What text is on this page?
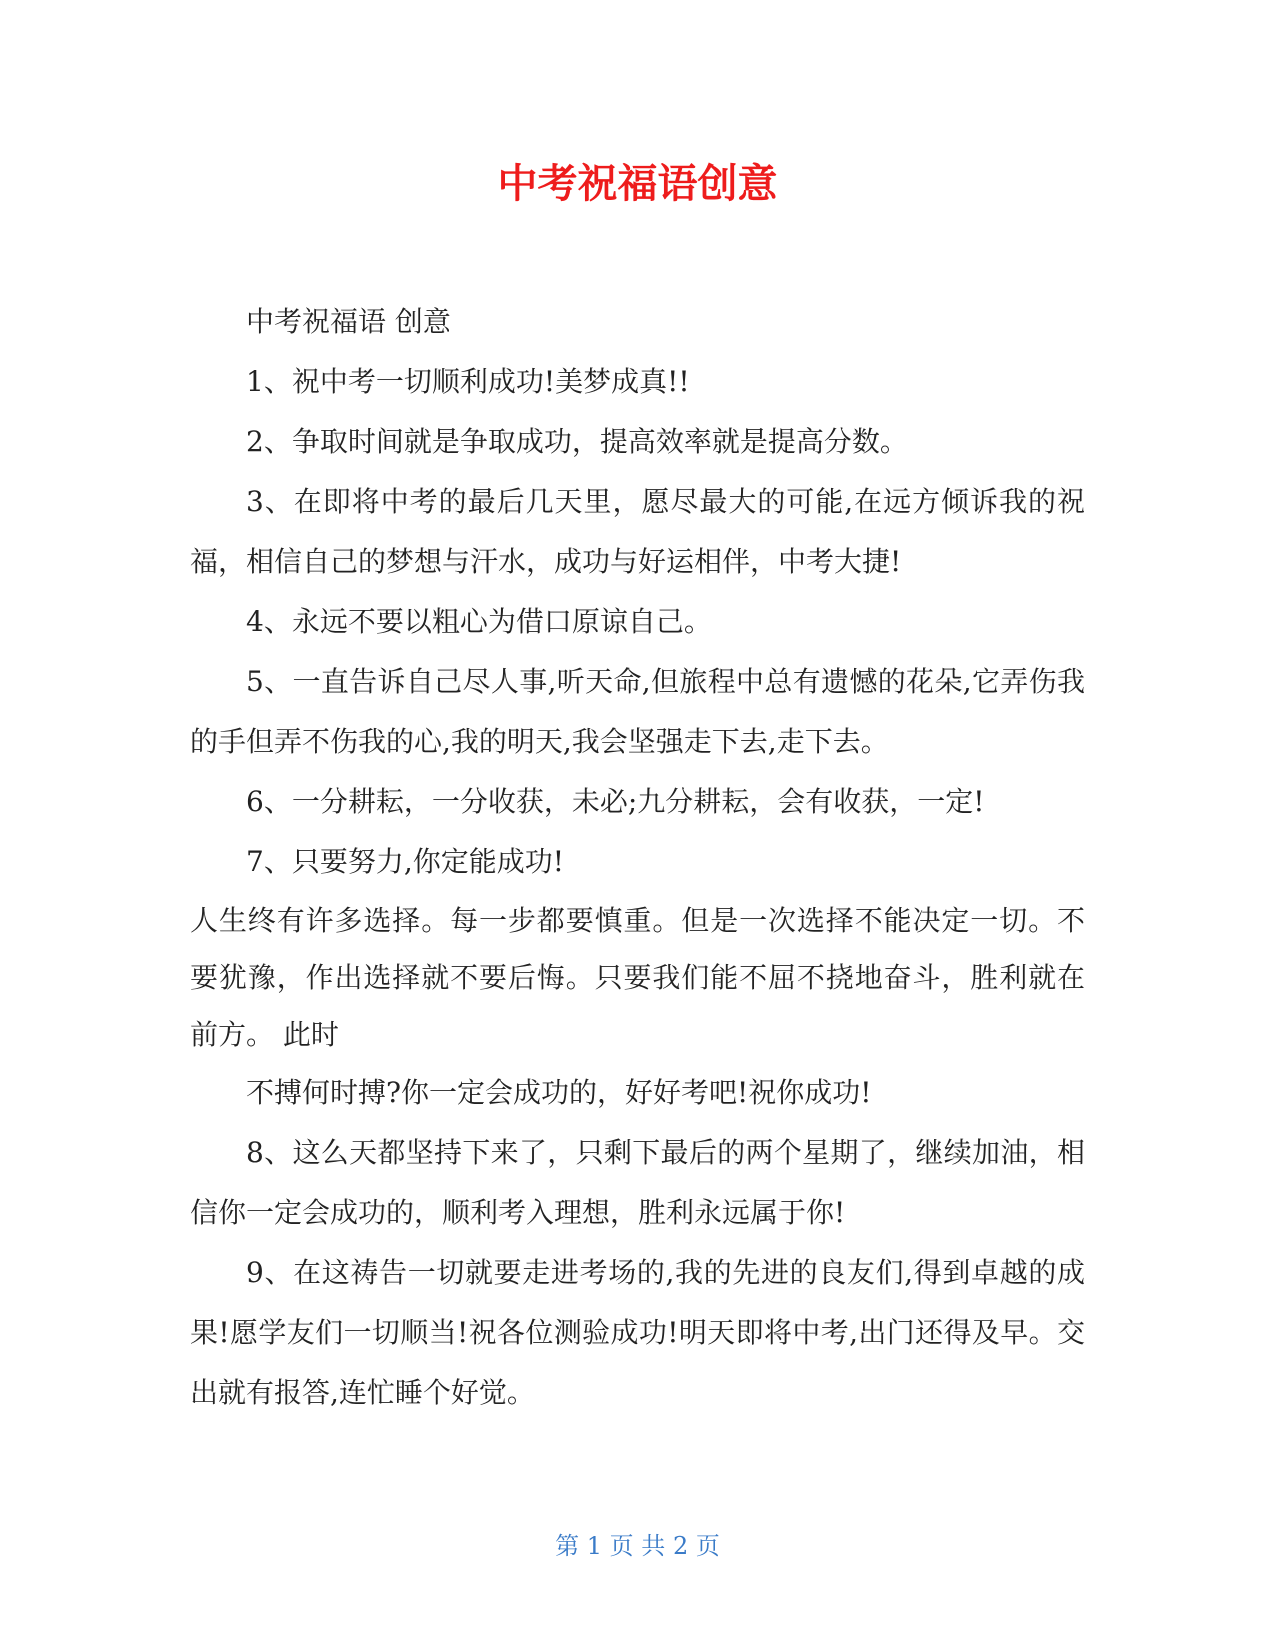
中考祝福语创意

中考祝福语 创意

1、祝中考一切顺利成功!美梦成真!!

2、争取时间就是争取成功，提高效率就是提高分数。

3、在即将中考的最后几天里，愿尽最大的可能,在远方倾诉我的祝福，相信自己的梦想与汗水，成功与好运相伴，中考大捷!

4、永远不要以粗心为借口原谅自己。

5、一直告诉自己尽人事,听天命,但旅程中总有遗憾的花朵,它弄伤我的手但弄不伤我的心,我的明天,我会坚强走下去,走下去。

6、一分耕耘，一分收获，未必;九分耕耘，会有收获，一定!

7、只要努力,你定能成功!

人生终有许多选择。每一步都要慎重。但是一次选择不能决定一切。不要犹豫，作出选择就不要后悔。只要我们能不屈不挠地奋斗，胜利就在前方。 此时

不搏何时搏?你一定会成功的，好好考吧!祝你成功!

8、这么天都坚持下来了，只剩下最后的两个星期了，继续加油，相信你一定会成功的，顺利考入理想，胜利永远属于你!

9、在这祷告一切就要走进考场的,我的先进的良友们,得到卓越的成果!愿学友们一切顺当!祝各位测验成功!明天即将中考,出门还得及早。交出就有报答,连忙睡个好觉。

第 1 页 共 2 页
